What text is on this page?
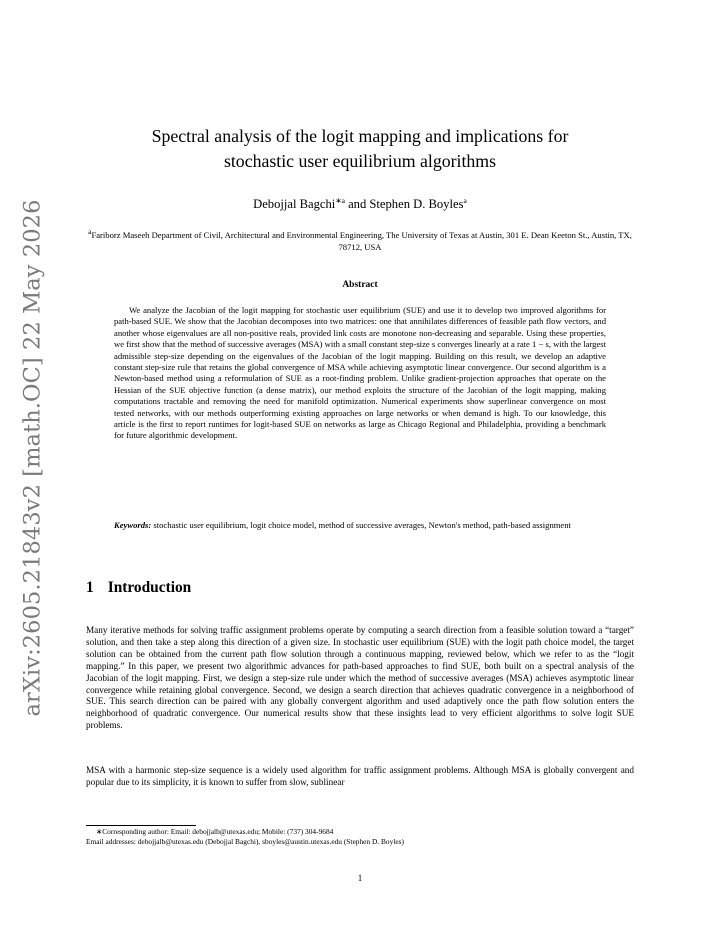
arXiv:2605.21843v2 [math.OC] 22 May 2026
Spectral analysis of the logit mapping and implications for
stochastic user equilibrium algorithms
Debojjal Bagchi$^{∗a}$ and Stephen D. Boyles$^a$
$^a$Fariborz Maseeh Department of Civil, Architectural and Environmental Engineering, The University of Texas at Austin, 301 E. Dean Keeton St., Austin, TX, 78712, USA
Abstract
We analyze the Jacobian of the logit mapping for stochastic user equilibrium (SUE) and use it to develop two improved algorithms for path-based SUE. We show that the Jacobian decomposes into two matrices: one that annihilates differences of feasible path flow vectors, and another whose eigenvalues are all non-positive reals, provided link costs are monotone non-decreasing and separable. Using these properties, we first show that the method of successive averages (MSA) with a small constant step-size s converges linearly at a rate 1 − s, with the largest admissible step-size depending on the eigenvalues of the Jacobian of the logit mapping. Building on this result, we develop an adaptive constant step-size rule that retains the global convergence of MSA while achieving asymptotic linear convergence. Our second algorithm is a Newton-based method using a reformulation of SUE as a root-finding problem. Unlike gradient-projection approaches that operate on the Hessian of the SUE objective function (a dense matrix), our method exploits the structure of the Jacobian of the logit mapping, making computations tractable and removing the need for manifold optimization. Numerical experiments show superlinear convergence on most tested networks, with our methods outperforming existing approaches on large networks or when demand is high. To our knowledge, this article is the first to report runtimes for logit-based SUE on networks as large as Chicago Regional and Philadelphia, providing a benchmark for future algorithmic development.
Keywords: stochastic user equilibrium, logit choice model, method of successive averages, Newton's method, path-based assignment
1 Introduction
Many iterative methods for solving traffic assignment problems operate by computing a search direction from a feasible solution toward a “target” solution, and then take a step along this direction of a given size. In stochastic user equilibrium (SUE) with the logit path choice model, the target solution can be obtained from the current path flow solution through a continuous mapping, reviewed below, which we refer to as the “logit mapping.” In this paper, we present two algorithmic advances for path-based approaches to find SUE, both built on a spectral analysis of the Jacobian of the logit mapping. First, we design a step-size rule under which the method of successive averages (MSA) achieves asymptotic linear convergence while retaining global convergence. Second, we design a search direction that achieves quadratic convergence in a neighborhood of SUE. This search direction can be paired with any globally convergent algorithm and used adaptively once the path flow solution enters the neighborhood of quadratic convergence. Our numerical results show that these insights lead to very efficient algorithms to solve logit SUE problems.
MSA with a harmonic step-size sequence is a widely used algorithm for traffic assignment problems. Although MSA is globally convergent and popular due to its simplicity, it is known to suffer from slow, sublinear
∗Corresponding author: Email: debojjalb@utexas.edu; Mobile: (737) 304-9684
Email addresses: debojjalb@utexas.edu (Debojjal Bagchi), sboyles@austin.utexas.edu (Stephen D. Boyles)
1
